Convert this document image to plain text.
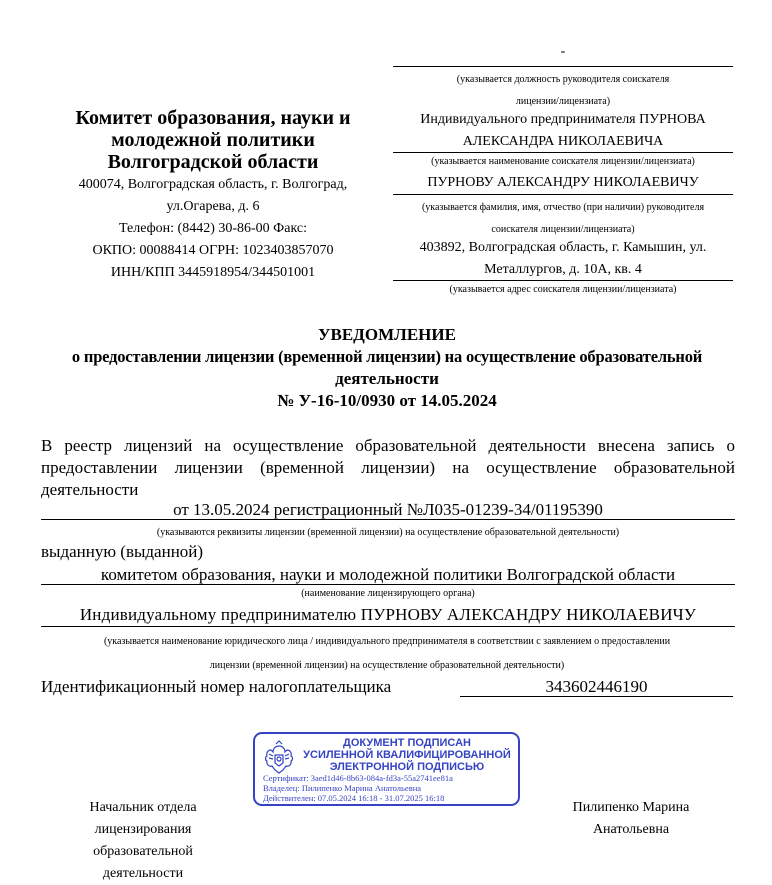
-
(указывается должность руководителя соискателя
лицензии/лицензиата)
Индивидуального предпринимателя ПУРНОВА
АЛЕКСАНДРА НИКОЛАЕВИЧА
(указывается наименование соискателя лицензии/лицензиата)
ПУРНОВУ АЛЕКСАНДРУ НИКОЛАЕВИЧУ
(указывается фамилия, имя, отчество (при наличии) руководителя
соискателя лицензии/лицензиата)
403892, Волгоградская область, г. Камышин, ул.
Металлургов, д. 10А, кв. 4
(указывается адрес соискателя лицензии/лицензиата)
Комитет образования, науки и
молодежной политики
Волгоградской области
400074, Волгоградская область, г. Волгоград,
ул.Огарева, д. 6
Телефон: (8442) 30-86-00 Факс:
ОКПО: 00088414 ОГРН: 1023403857070
ИНН/КПП 3445918954/344501001
УВЕДОМЛЕНИЕ
о предоставлении лицензии (временной лицензии) на осуществление образовательной
деятельности
№ У-16-10/0930 от 14.05.2024
В реестр лицензий на осуществление образовательной деятельности внесена запись о предоставлении лицензии (временной лицензии) на осуществление образовательной деятельности
от 13.05.2024 регистрационный №Л035-01239-34/01195390
(указываются реквизиты лицензии (временной лицензии) на осуществление образовательной деятельности)
выданную (выданной)
комитетом образования, науки и молодежной политики Волгоградской области
(наименование лицензирующего органа)
Индивидуальному предпринимателю ПУРНОВУ АЛЕКСАНДРУ НИКОЛАЕВИЧУ
(указывается наименование юридического лица / индивидуального предпринимателя в соответствии с заявлением о предоставлении
лицензии (временной лицензии) на осуществление образовательной деятельности)
Идентификационный номер налогоплательщика	343602446190
ДОКУМЕНТ ПОДПИСАН
УСИЛЕННОЙ КВАЛИФИЦИРОВАННОЙ
ЭЛЕКТРОННОЙ ПОДПИСЬЮ
Сертификат: 3aed1d46-8b63-084a-fd3a-55a2741ee81a
Владелец: Пилипенко Марина Анатольевна
Действителен: 07.05.2024 16:18 - 31.07.2025 16:18
Начальник отдела
лицензирования
образовательной
деятельности
Пилипенко Марина
Анатольевна
